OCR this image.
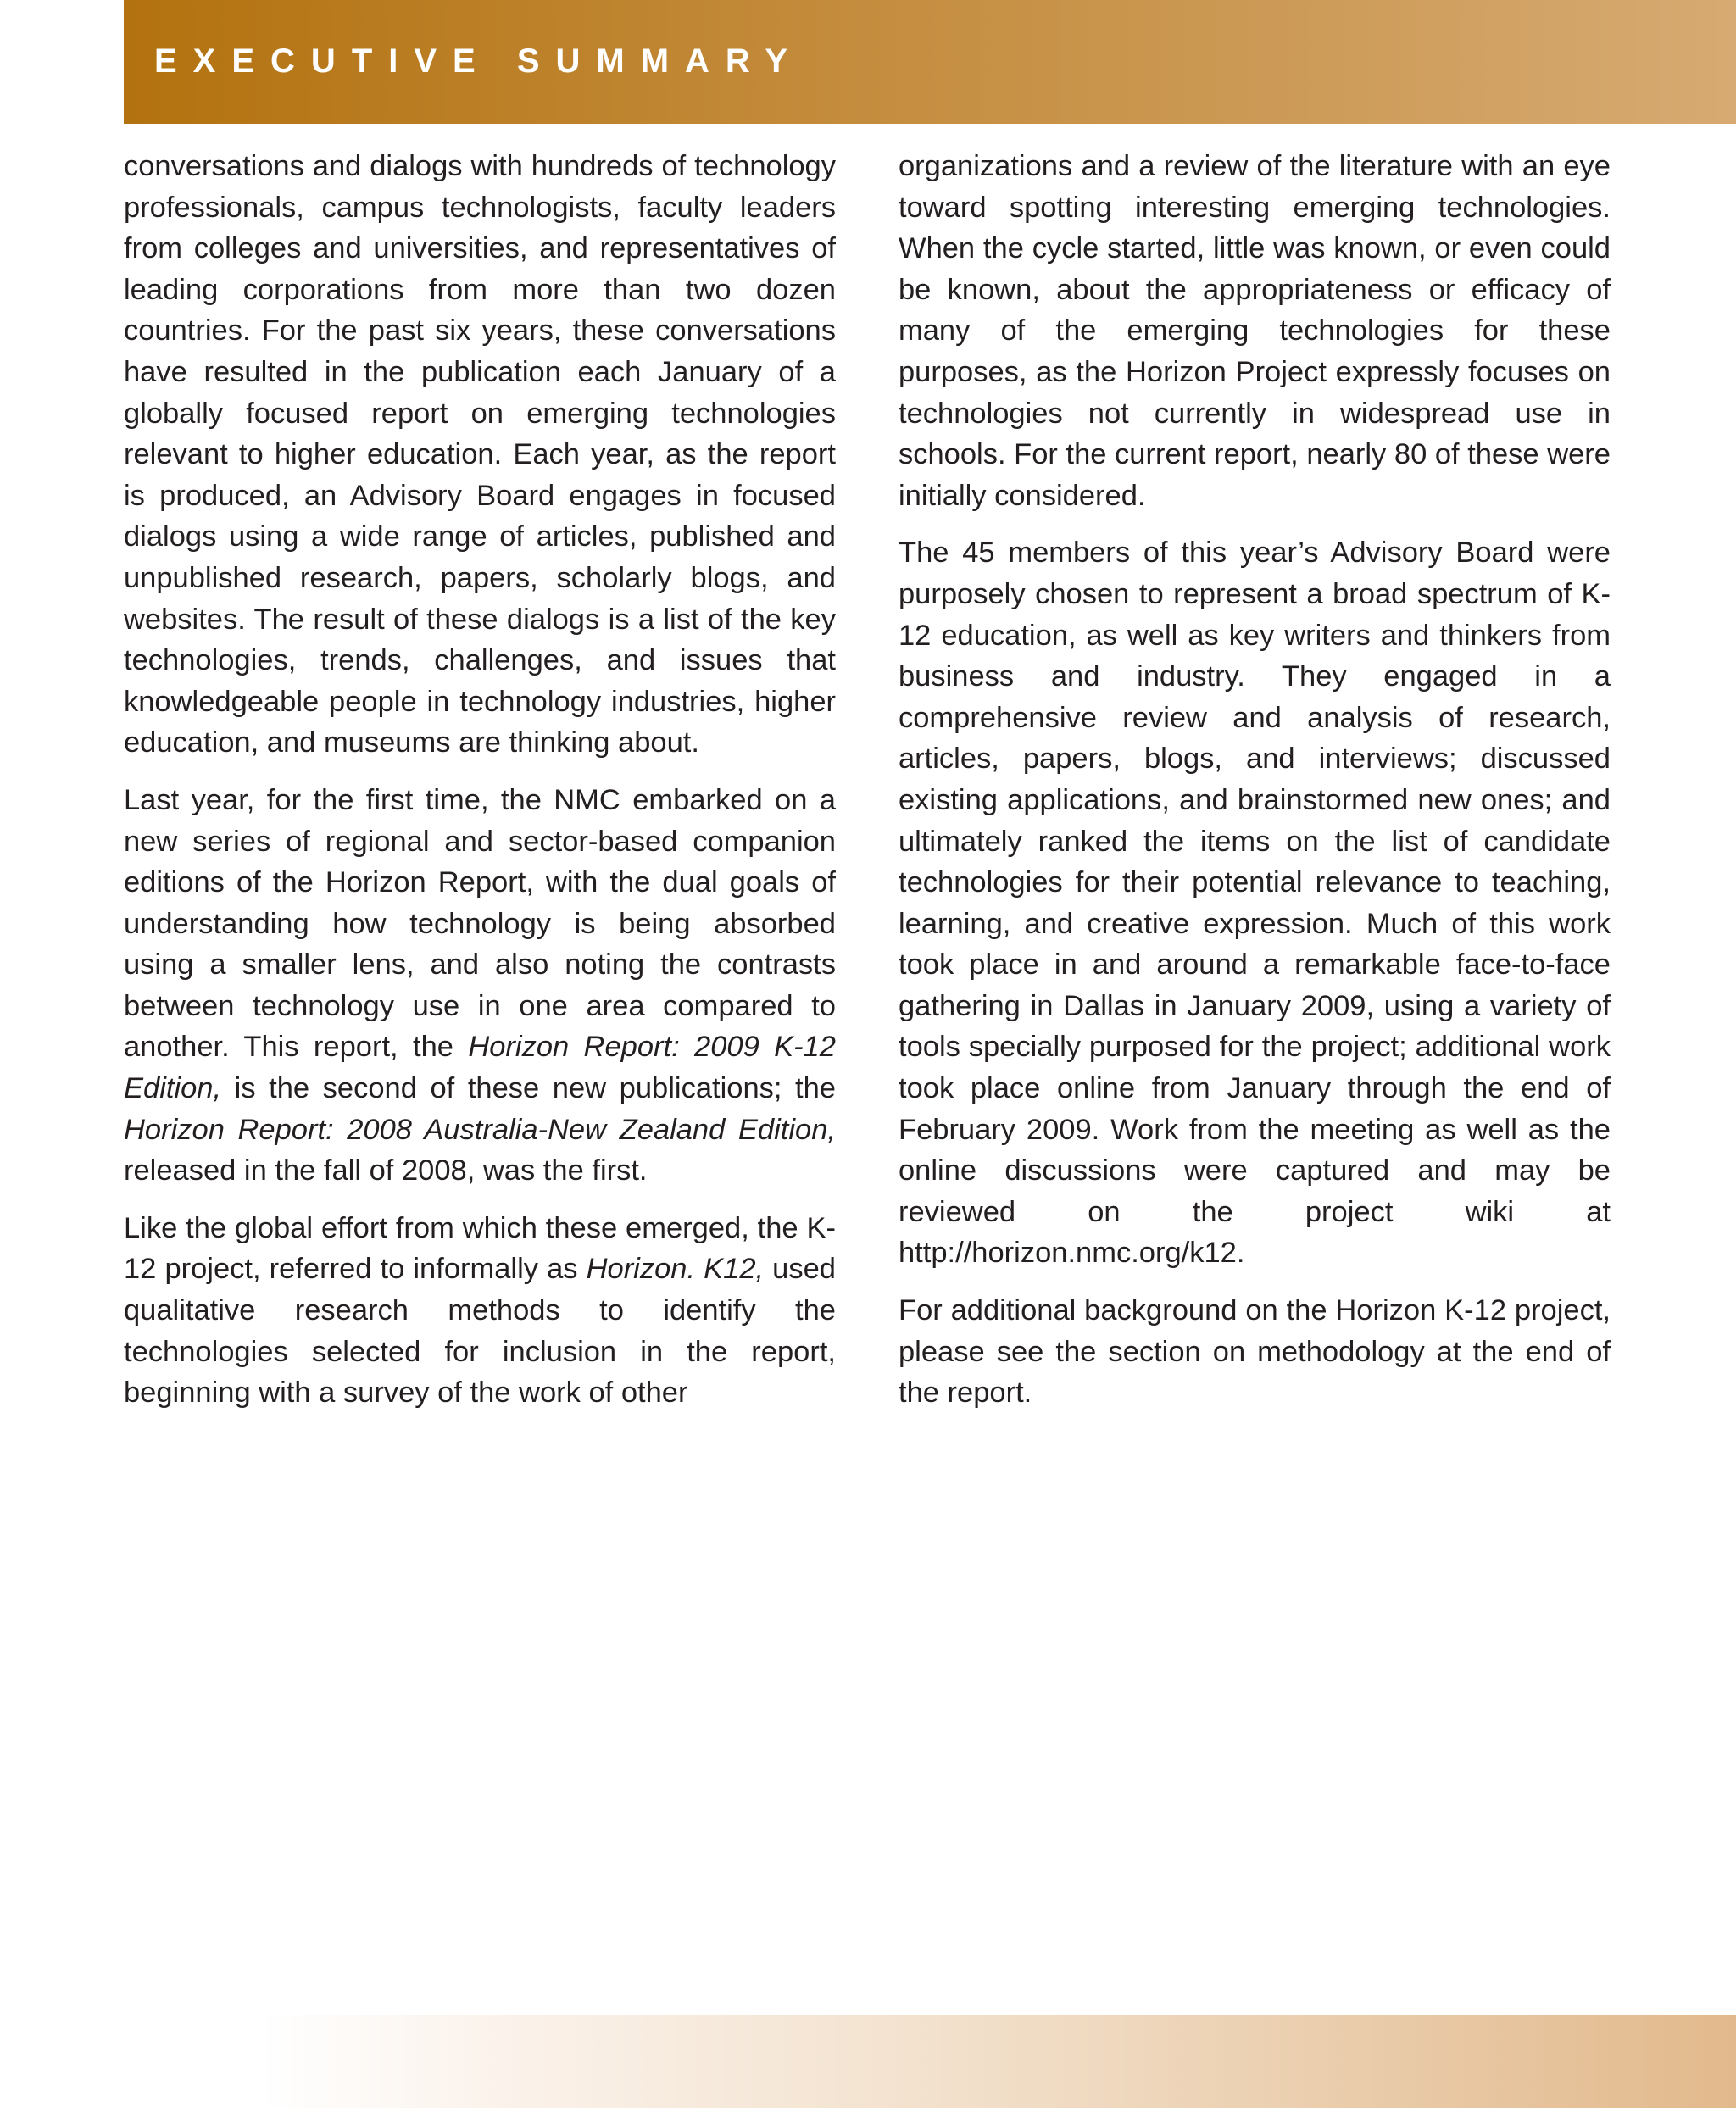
EXECUTIVE SUMMARY

conversations and dialogs with hundreds of technology professionals, campus technologists, faculty leaders from colleges and universities, and representatives of leading corporations from more than two dozen countries. For the past six years, these conversations have resulted in the publication each January of a globally focused report on emerging technologies relevant to higher education. Each year, as the report is produced, an Advisory Board engages in focused dialogs using a wide range of articles, published and unpublished research, papers, scholarly blogs, and websites. The result of these dialogs is a list of the key technologies, trends, challenges, and issues that knowledgeable people in technology industries, higher education, and museums are thinking about.

Last year, for the first time, the NMC embarked on a new series of regional and sector-based companion editions of the Horizon Report, with the dual goals of understanding how technology is being absorbed using a smaller lens, and also noting the contrasts between technology use in one area compared to another. This report, the Horizon Report: 2009 K-12 Edition, is the second of these new publications; the Horizon Report: 2008 Australia-New Zealand Edition, released in the fall of 2008, was the first.

Like the global effort from which these emerged, the K-12 project, referred to informally as Horizon. K12, used qualitative research methods to identify the technologies selected for inclusion in the report, beginning with a survey of the work of other

organizations and a review of the literature with an eye toward spotting interesting emerging technologies. When the cycle started, little was known, or even could be known, about the appropriateness or efficacy of many of the emerging technologies for these purposes, as the Horizon Project expressly focuses on technologies not currently in widespread use in schools. For the current report, nearly 80 of these were initially considered.

The 45 members of this year’s Advisory Board were purposely chosen to represent a broad spectrum of K-12 education, as well as key writers and thinkers from business and industry. They engaged in a comprehensive review and analysis of research, articles, papers, blogs, and interviews; discussed existing applications, and brainstormed new ones; and ultimately ranked the items on the list of candidate technologies for their potential relevance to teaching, learning, and creative expression. Much of this work took place in and around a remarkable face-to-face gathering in Dallas in January 2009, using a variety of tools specially purposed for the project; additional work took place online from January through the end of February 2009. Work from the meeting as well as the online discussions were captured and may be reviewed on the project wiki at http://horizon.nmc.org/k12.

For additional background on the Horizon K-12 project, please see the section on methodology at the end of the report.
